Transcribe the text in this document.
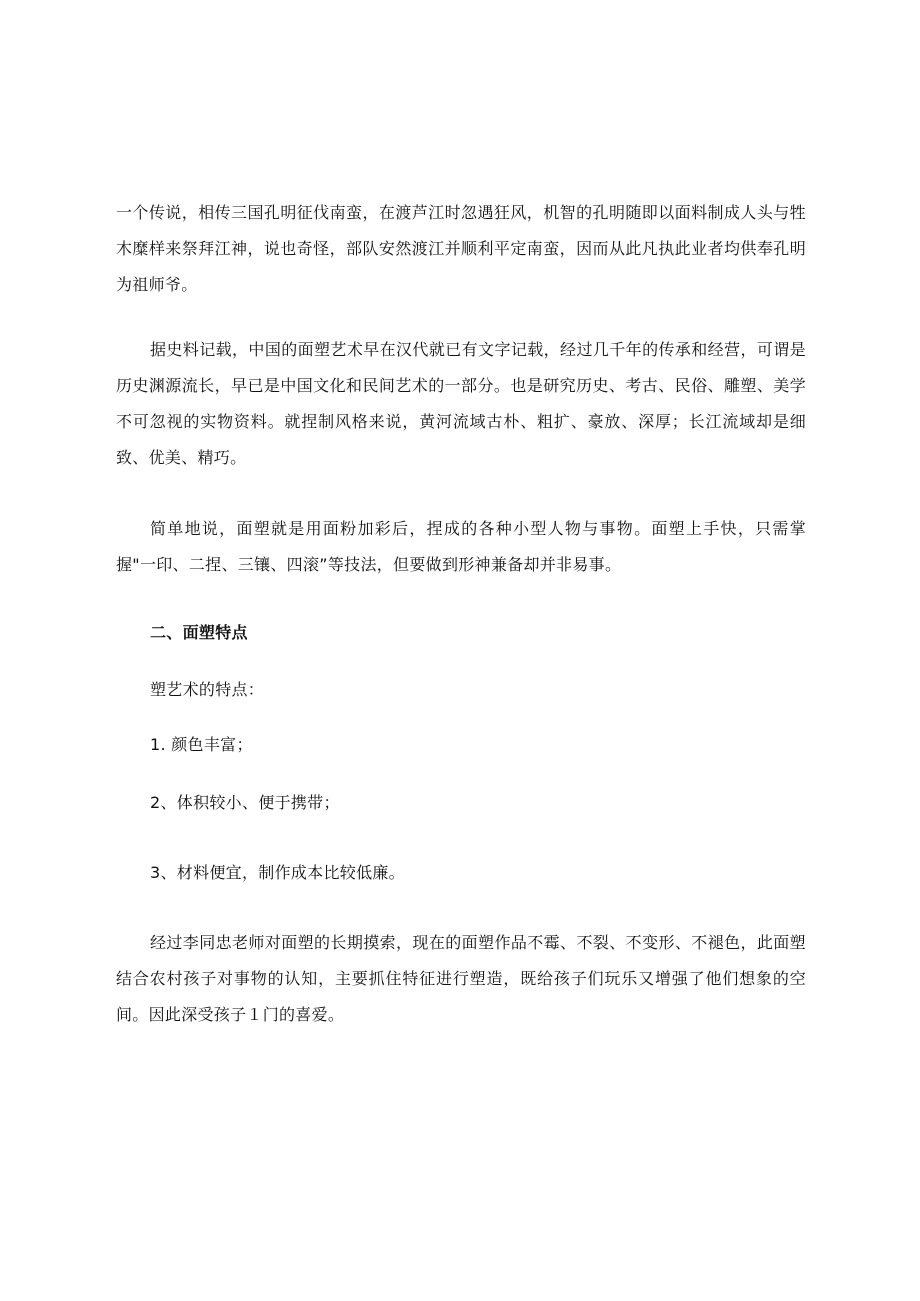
一个传说，相传三国孔明征伐南蛮，在渡芦江时忽遇狂风，机智的孔明随即以面料制成人头与牲木糜样来祭拜江神，说也奇怪，部队安然渡江并顺利平定南蛮，因而从此凡执此业者均供奉孔明为祖师爷。

据史料记载，中国的面塑艺术早在汉代就已有文字记载，经过几千年的传承和经营，可谓是历史渊源流长，早已是中国文化和民间艺术的一部分。也是研究历史、考古、民俗、雕塑、美学不可忽视的实物资料。就捏制风格来说，黄河流域古朴、粗扩、豪放、深厚；长江流域却是细致、优美、精巧。

简单地说，面塑就是用面粉加彩后，捏成的各种小型人物与事物。面塑上手快，只需掌握"一印、二捏、三镶、四滚”等技法，但要做到形神兼备却并非易事。

二、面塑特点

塑艺术的特点：

1. 颜色丰富；

2、体积较小、便于携带；

3、材料便宜，制作成本比较低廉。

经过李同忠老师对面塑的长期摸索，现在的面塑作品不霉、不裂、不变形、不褪色，此面塑结合农村孩子对事物的认知，主要抓住特征进行塑造，既给孩子们玩乐又增强了他们想象的空间。因此深受孩子１门的喜爱。
